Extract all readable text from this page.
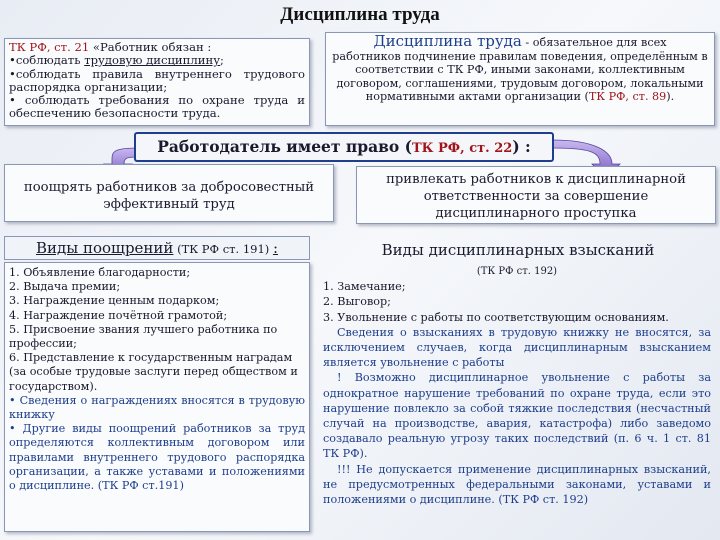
Дисциплина труда

ТК РФ, ст. 21 «Работник обязан :

•соблюдать трудовую дисциплину;

•соблюдать правила внутреннего трудового распорядка организации;

• соблюдать требования по охране труда и обеспечению безопасности труда.

Дисциплина труда - обязательное для всех
работников подчинение правилам поведения, определённым в соответствии с ТК РФ, иными законами, коллективным договором, соглашениями, трудовым договором, локальными нормативными актами организации (ТК РФ, ст. 89).
Работодатель имеет право (ТК РФ, ст. 22) :
поощрять работников за добросовестный эффективный труд
привлекать работников к дисциплинарной ответственности за совершение дисциплинарного проступка
Виды поощрений (ТК РФ ст. 191) :	Виды дисциплинарных взысканий
1. Объявление благодарности;
2. Выдача премии;
3. Награждение ценным подарком;
4. Награждение почётной грамотой;
5. Присвоение звания лучшего работника по профессии;
6. Представление к государственным наградам (за особые трудовые заслуги перед обществом и государством).
• Сведения о награждениях вносятся в трудовую книжку
• Другие виды поощрений работников за труд определяются коллективным договором или правилами внутреннего трудового распорядка организации, а также уставами и положениями о дисциплине. (ТК РФ ст.191)
(ТК РФ ст. 192)
1. Замечание;
2. Выговор;
3. Увольнение с работы по соответствующим основаниям.
Сведения о взысканиях в трудовую книжку не вносятся, за исключением случаев, когда дисциплинарным взысканием является увольнение с работы
! Возможно дисциплинарное увольнение с работы за однократное нарушение требований по охране труда, если это нарушение повлекло за собой тяжкие последствия (несчастный случай на производстве, авария, катастрофа) либо заведомо создавало реальную угрозу таких последствий (п. 6 ч. 1 ст. 81 ТК РФ).
!!! Не допускается применение дисциплинарных взысканий, не предусмотренных федеральными законами, уставами и положениями о дисциплине. (ТК РФ ст. 192)
